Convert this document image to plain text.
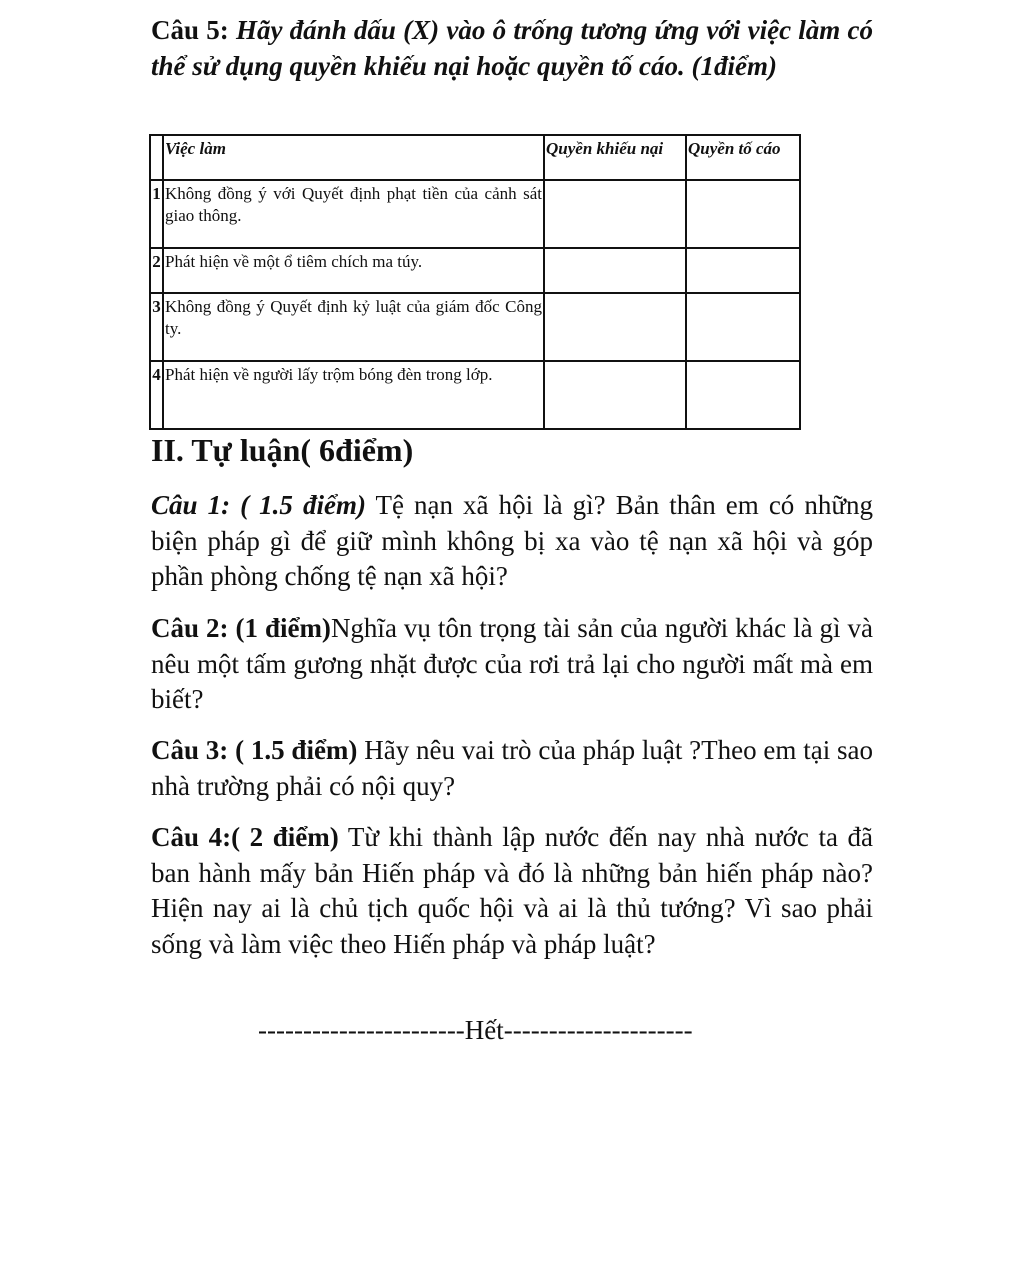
Câu 5: Hãy đánh dấu (X) vào ô trống tương ứng với việc làm có thể sử dụng quyền khiếu nại hoặc quyền tố cáo. (1điểm)
	Việc làm	Quyền khiếu nại	Quyền tố cáo
1	Không đồng ý với Quyết định phạt tiền của cảnh sát giao thông.		
2	Phát hiện về một ổ tiêm chích ma túy.		
3	Không đồng ý Quyết định kỷ luật của giám đốc Công ty.		
4	Phát hiện về người lấy trộm bóng đèn trong lớp.		
II. Tự luận( 6điểm)
Câu 1: ( 1.5 điểm) Tệ nạn xã hội là gì? Bản thân em có những biện pháp gì để giữ mình không bị xa vào tệ nạn xã hội và góp phần phòng chống tệ nạn xã hội?
Câu 2: (1 điểm)Nghĩa vụ tôn trọng tài sản của người khác là gì và nêu một tấm gương nhặt được của rơi trả lại cho người mất mà em biết?
Câu 3: ( 1.5 điểm) Hãy nêu vai trò của pháp luật ?Theo em tại sao nhà trường phải có nội quy?
Câu 4:( 2 điểm) Từ khi thành lập nước đến nay nhà nước ta đã ban hành mấy bản Hiến pháp và đó là những bản hiến pháp nào? Hiện nay ai là chủ tịch quốc hội và ai là thủ tướng? Vì sao phải sống và làm việc theo Hiến pháp và pháp luật?
-----------------------Hết---------------------
